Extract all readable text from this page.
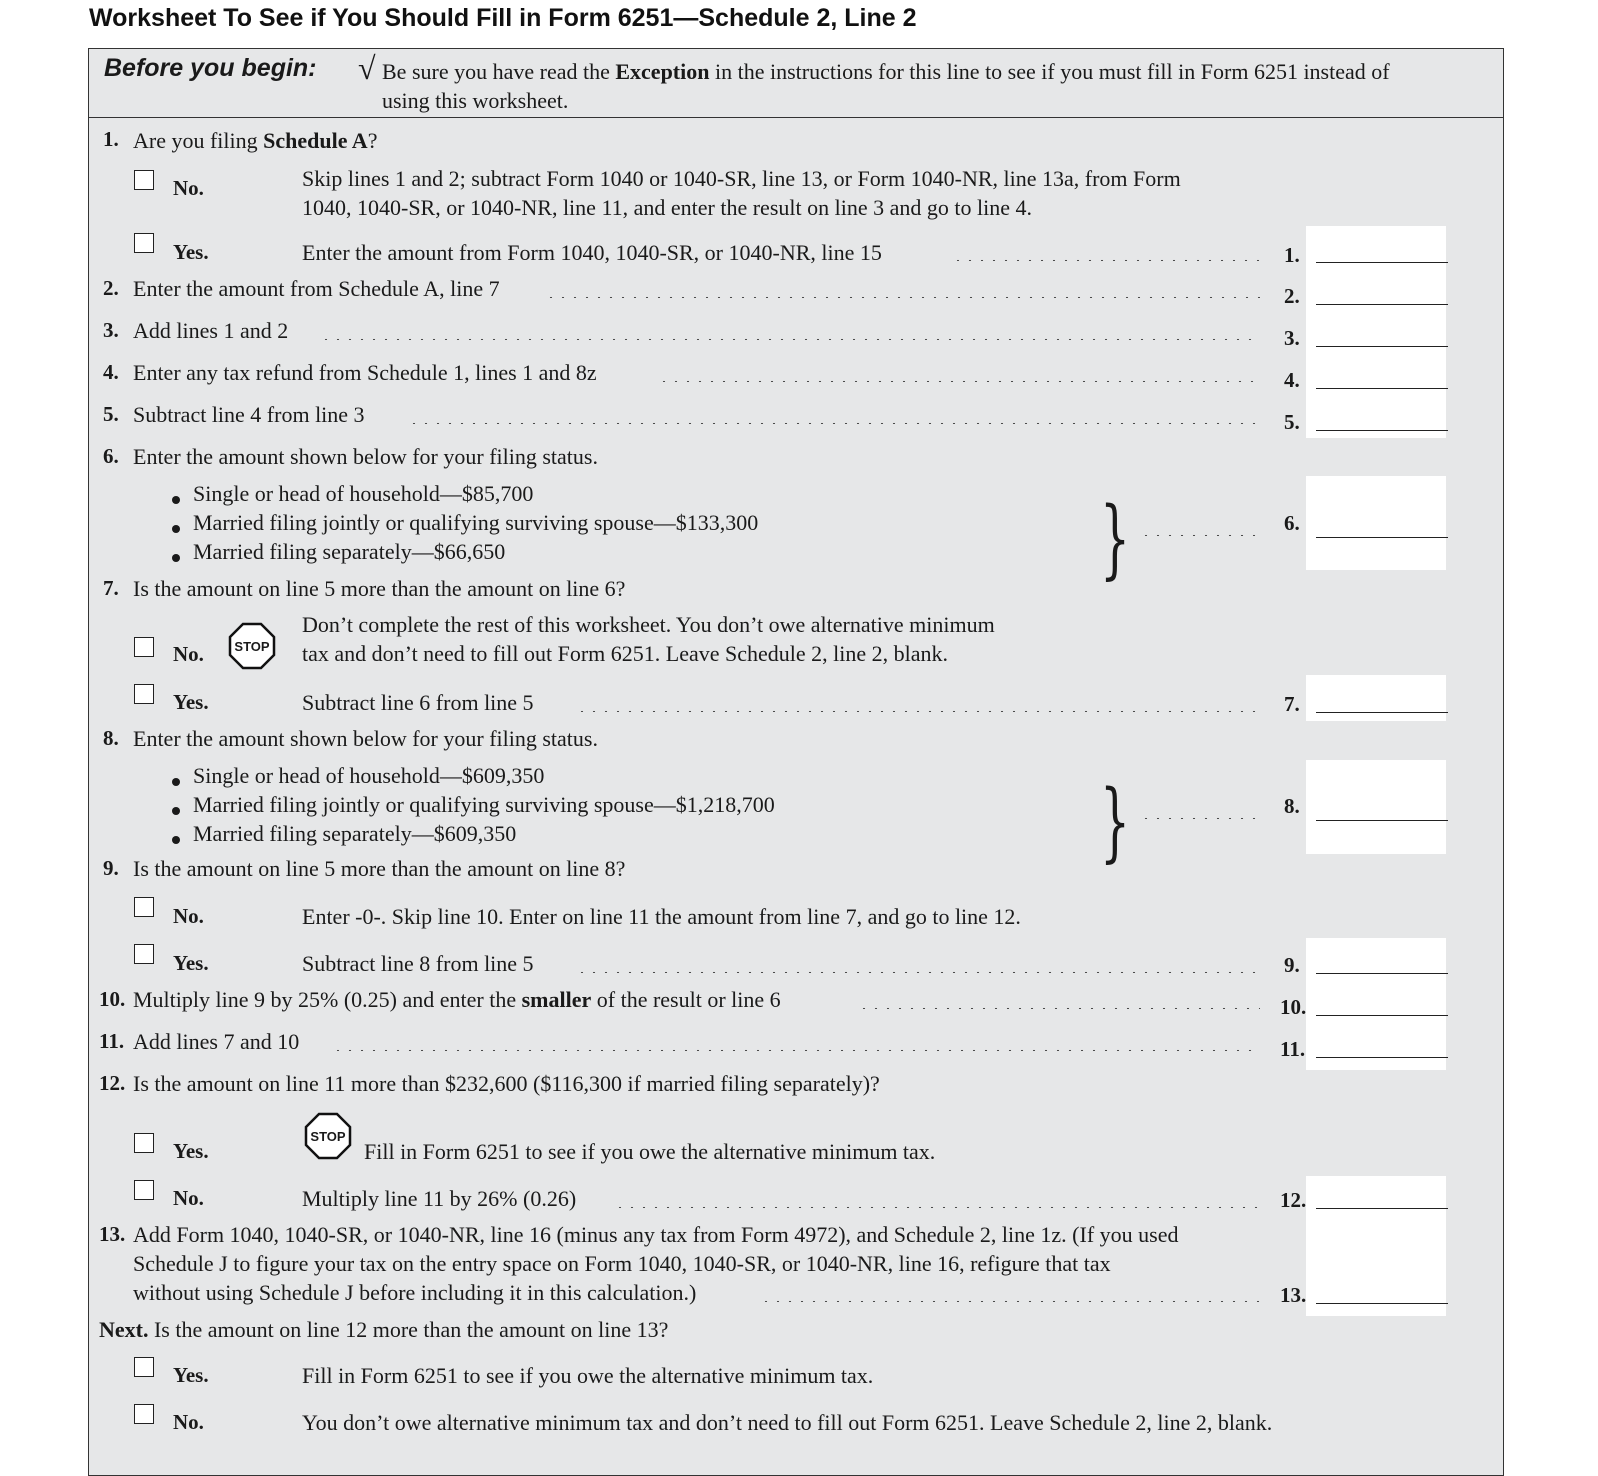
Worksheet To See if You Should Fill in Form 6251—Schedule 2, Line 2
Before you begin: √ Be sure you have read the Exception in the instructions for this line to see if you must fill in Form 6251 instead of
using this worksheet.
1. Are you filing Schedule A?
No.	Skip lines 1 and 2; subtract Form 1040 or 1040-SR, line 13, or Form 1040-NR, line 13a, from Form
1040, 1040-SR, or 1040-NR, line 11, and enter the result on line 3 and go to line 4.
Yes.	Enter the amount from Form 1040, 1040-SR, or 1040-NR, line 15	1.
2. Enter the amount from Schedule A, line 7	2.
3. Add lines 1 and 2	3.
4. Enter any tax refund from Schedule 1, lines 1 and 8z	4.
5. Subtract line 4 from line 3	5.
6. Enter the amount shown below for your filing status.
Single or head of household—$85,700
Married filing jointly or qualifying surviving spouse—$133,300
Married filing separately—$66,650	}	6.
7. Is the amount on line 5 more than the amount on line 6?
No.	STOP
Don’t complete the rest of this worksheet. You don’t owe alternative minimum
tax and don’t need to fill out Form 6251. Leave Schedule 2, line 2, blank.
Yes.	Subtract line 6 from line 5	7.
8. Enter the amount shown below for your filing status.
Single or head of household—$609,350
Married filing jointly or qualifying surviving spouse—$1,218,700
Married filing separately—$609,350	}	8.
9. Is the amount on line 5 more than the amount on line 8?
No.	Enter -0-. Skip line 10. Enter on line 11 the amount from line 7, and go to line 12.
Yes.	Subtract line 8 from line 5	9.
10. Multiply line 9 by 25% (0.25) and enter the smaller of the result or line 6	10.
11. Add lines 7 and 10	11.
12. Is the amount on line 11 more than $232,600 ($116,300 if married filing separately)?
Yes.
STOP
Fill in Form 6251 to see if you owe the alternative minimum tax.
No.	Multiply line 11 by 26% (0.26)	12.
13. Add Form 1040, 1040-SR, or 1040-NR, line 16 (minus any tax from Form 4972), and Schedule 2, line 1z. (If you used
Schedule J to figure your tax on the entry space on Form 1040, 1040-SR, or 1040-NR, line 16, refigure that tax
without using Schedule J before including it in this calculation.)	13.
Next. Is the amount on line 12 more than the amount on line 13?
Yes.	Fill in Form 6251 to see if you owe the alternative minimum tax.
No.	You don’t owe alternative minimum tax and don’t need to fill out Form 6251. Leave Schedule 2, line 2, blank.
